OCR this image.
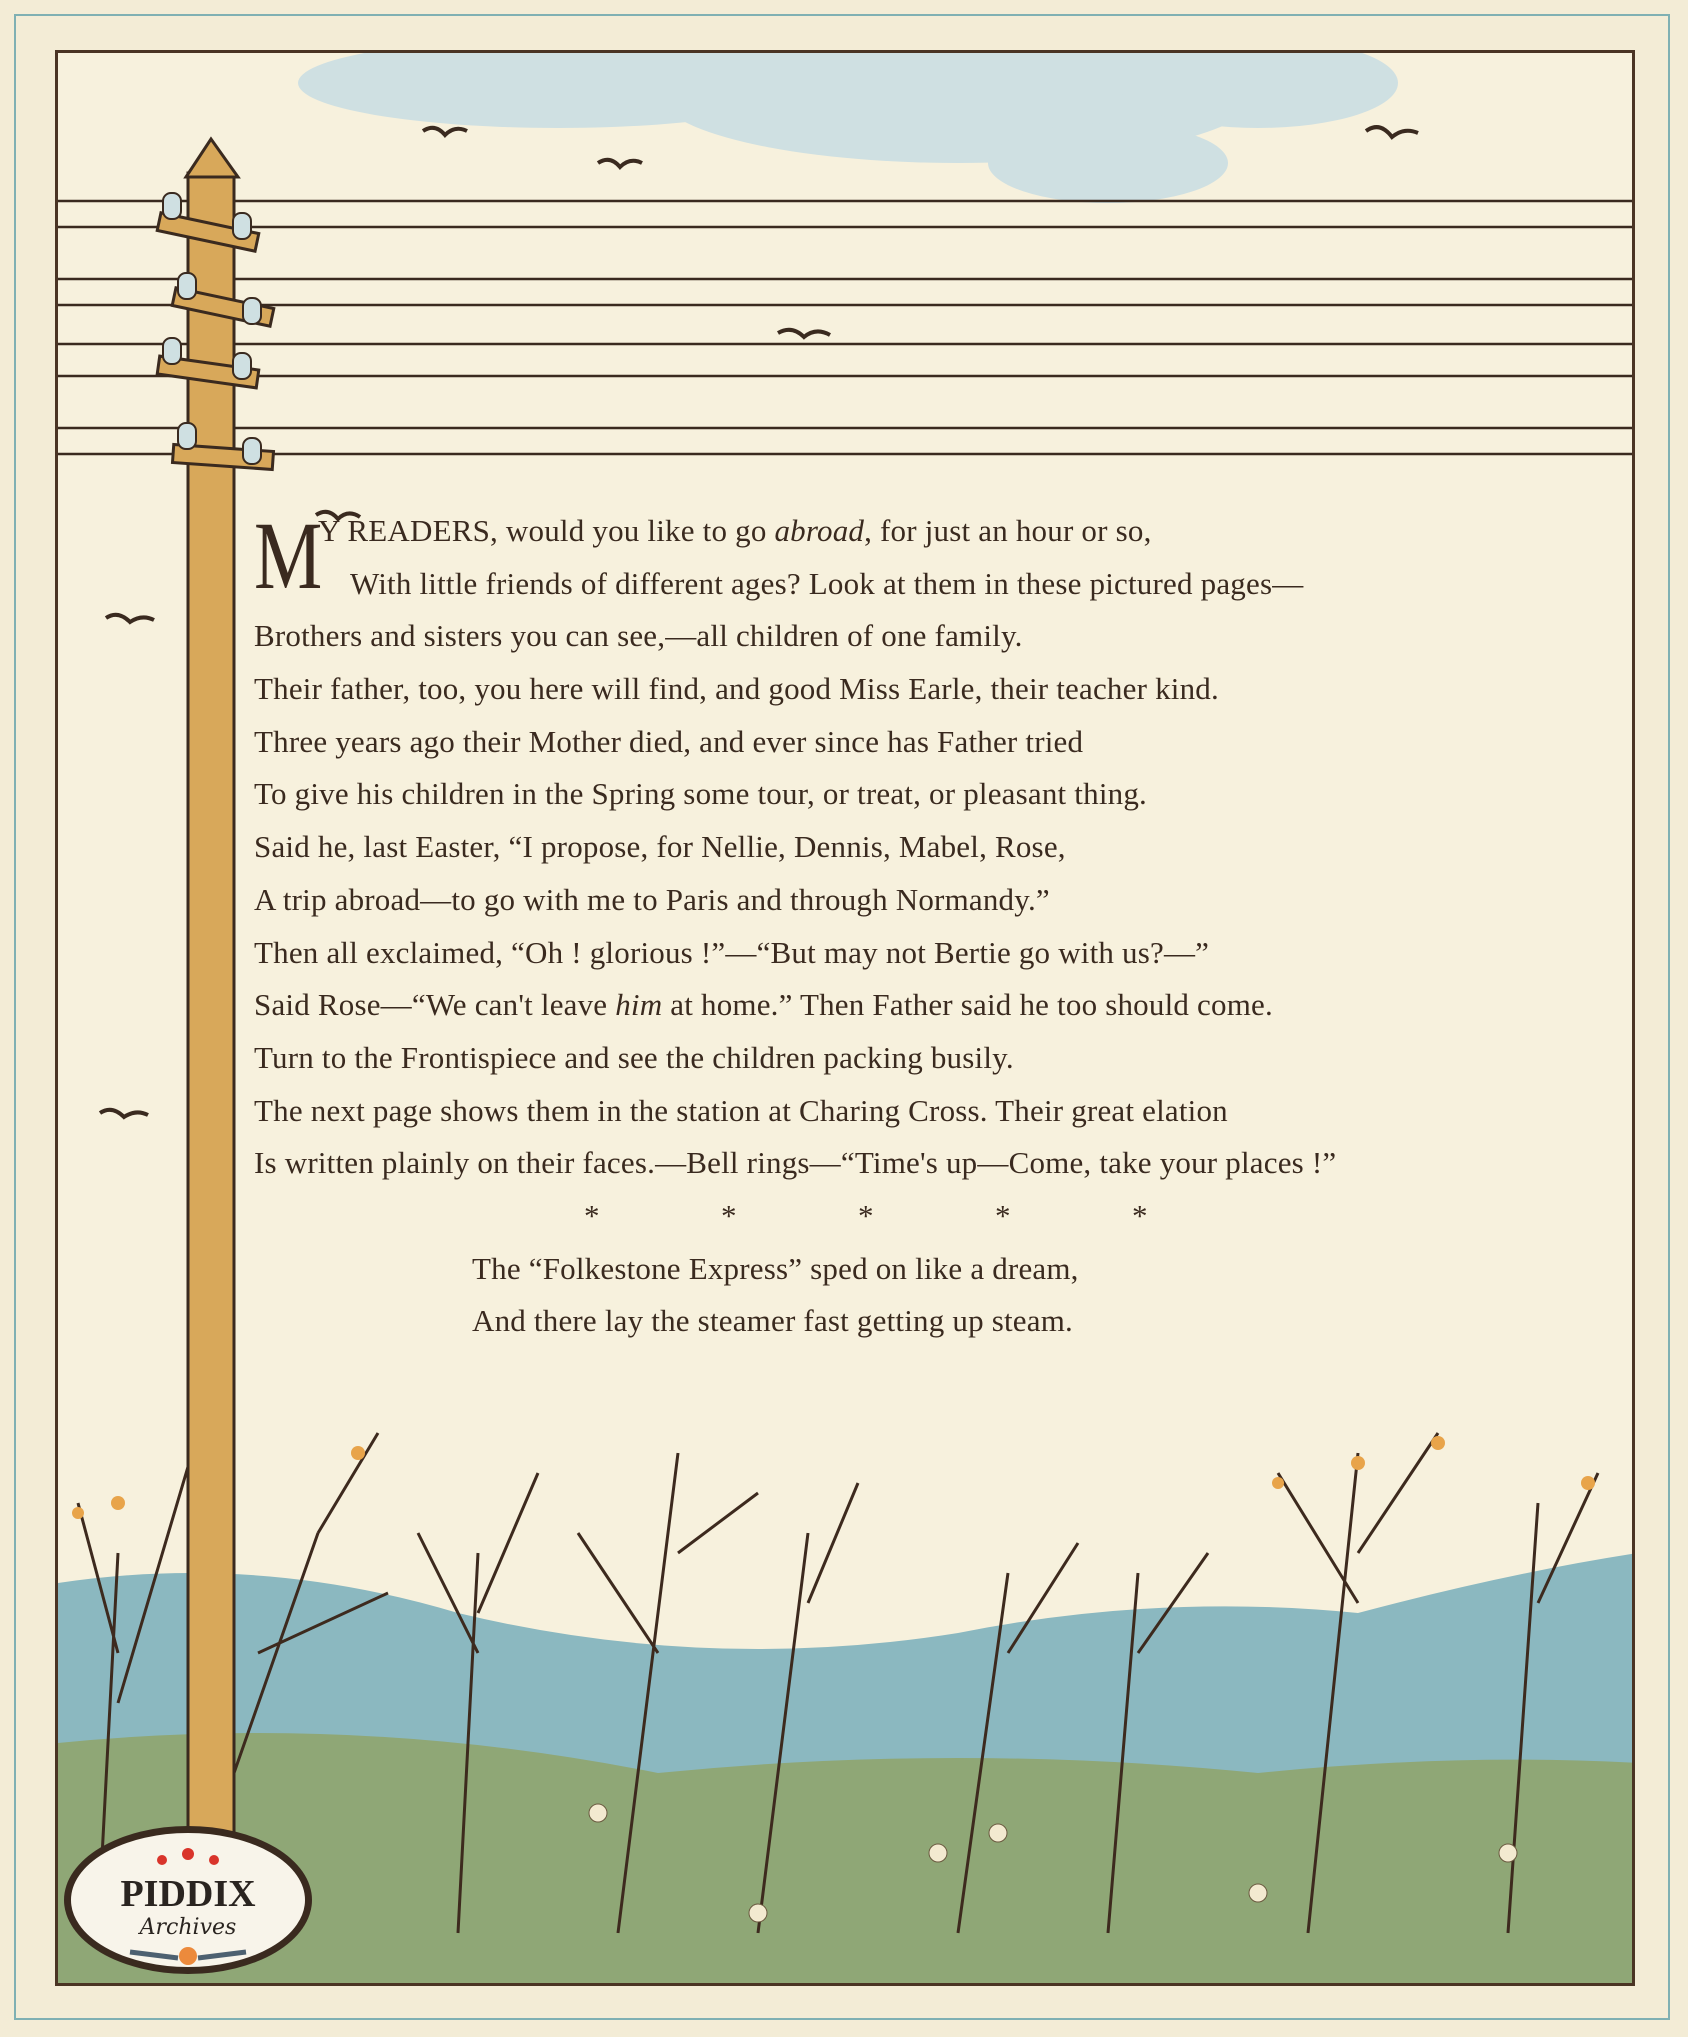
M
Y READERS, would you like to go abroad, for just an hour or so,
With little friends of different ages? Look at them in these pictured pages—
Brothers and sisters you can see,—all children of one family.
Their father, too, you here will find, and good Miss Earle, their teacher kind.
Three years ago their Mother died, and ever since has Father tried
To give his children in the Spring some tour, or treat, or pleasant thing.
Said he, last Easter, “I propose, for Nellie, Dennis, Mabel, Rose,
A trip abroad—to go with me to Paris and through Normandy.”
Then all exclaimed, “Oh ! glorious !”—“But may not Bertie go with us?—”
Said Rose—“We can't leave him at home.” Then Father said he too should come.
Turn to the Frontispiece and see the children packing busily.
The next page shows them in the station at Charing Cross. Their great elation
Is written plainly on their faces.—Bell rings—“Time's up—Come, take your places !”
*	*	*	*	*
The “Folkestone Express” sped on like a dream,
And there lay the steamer fast getting up steam.
PIDDIX
Archives
